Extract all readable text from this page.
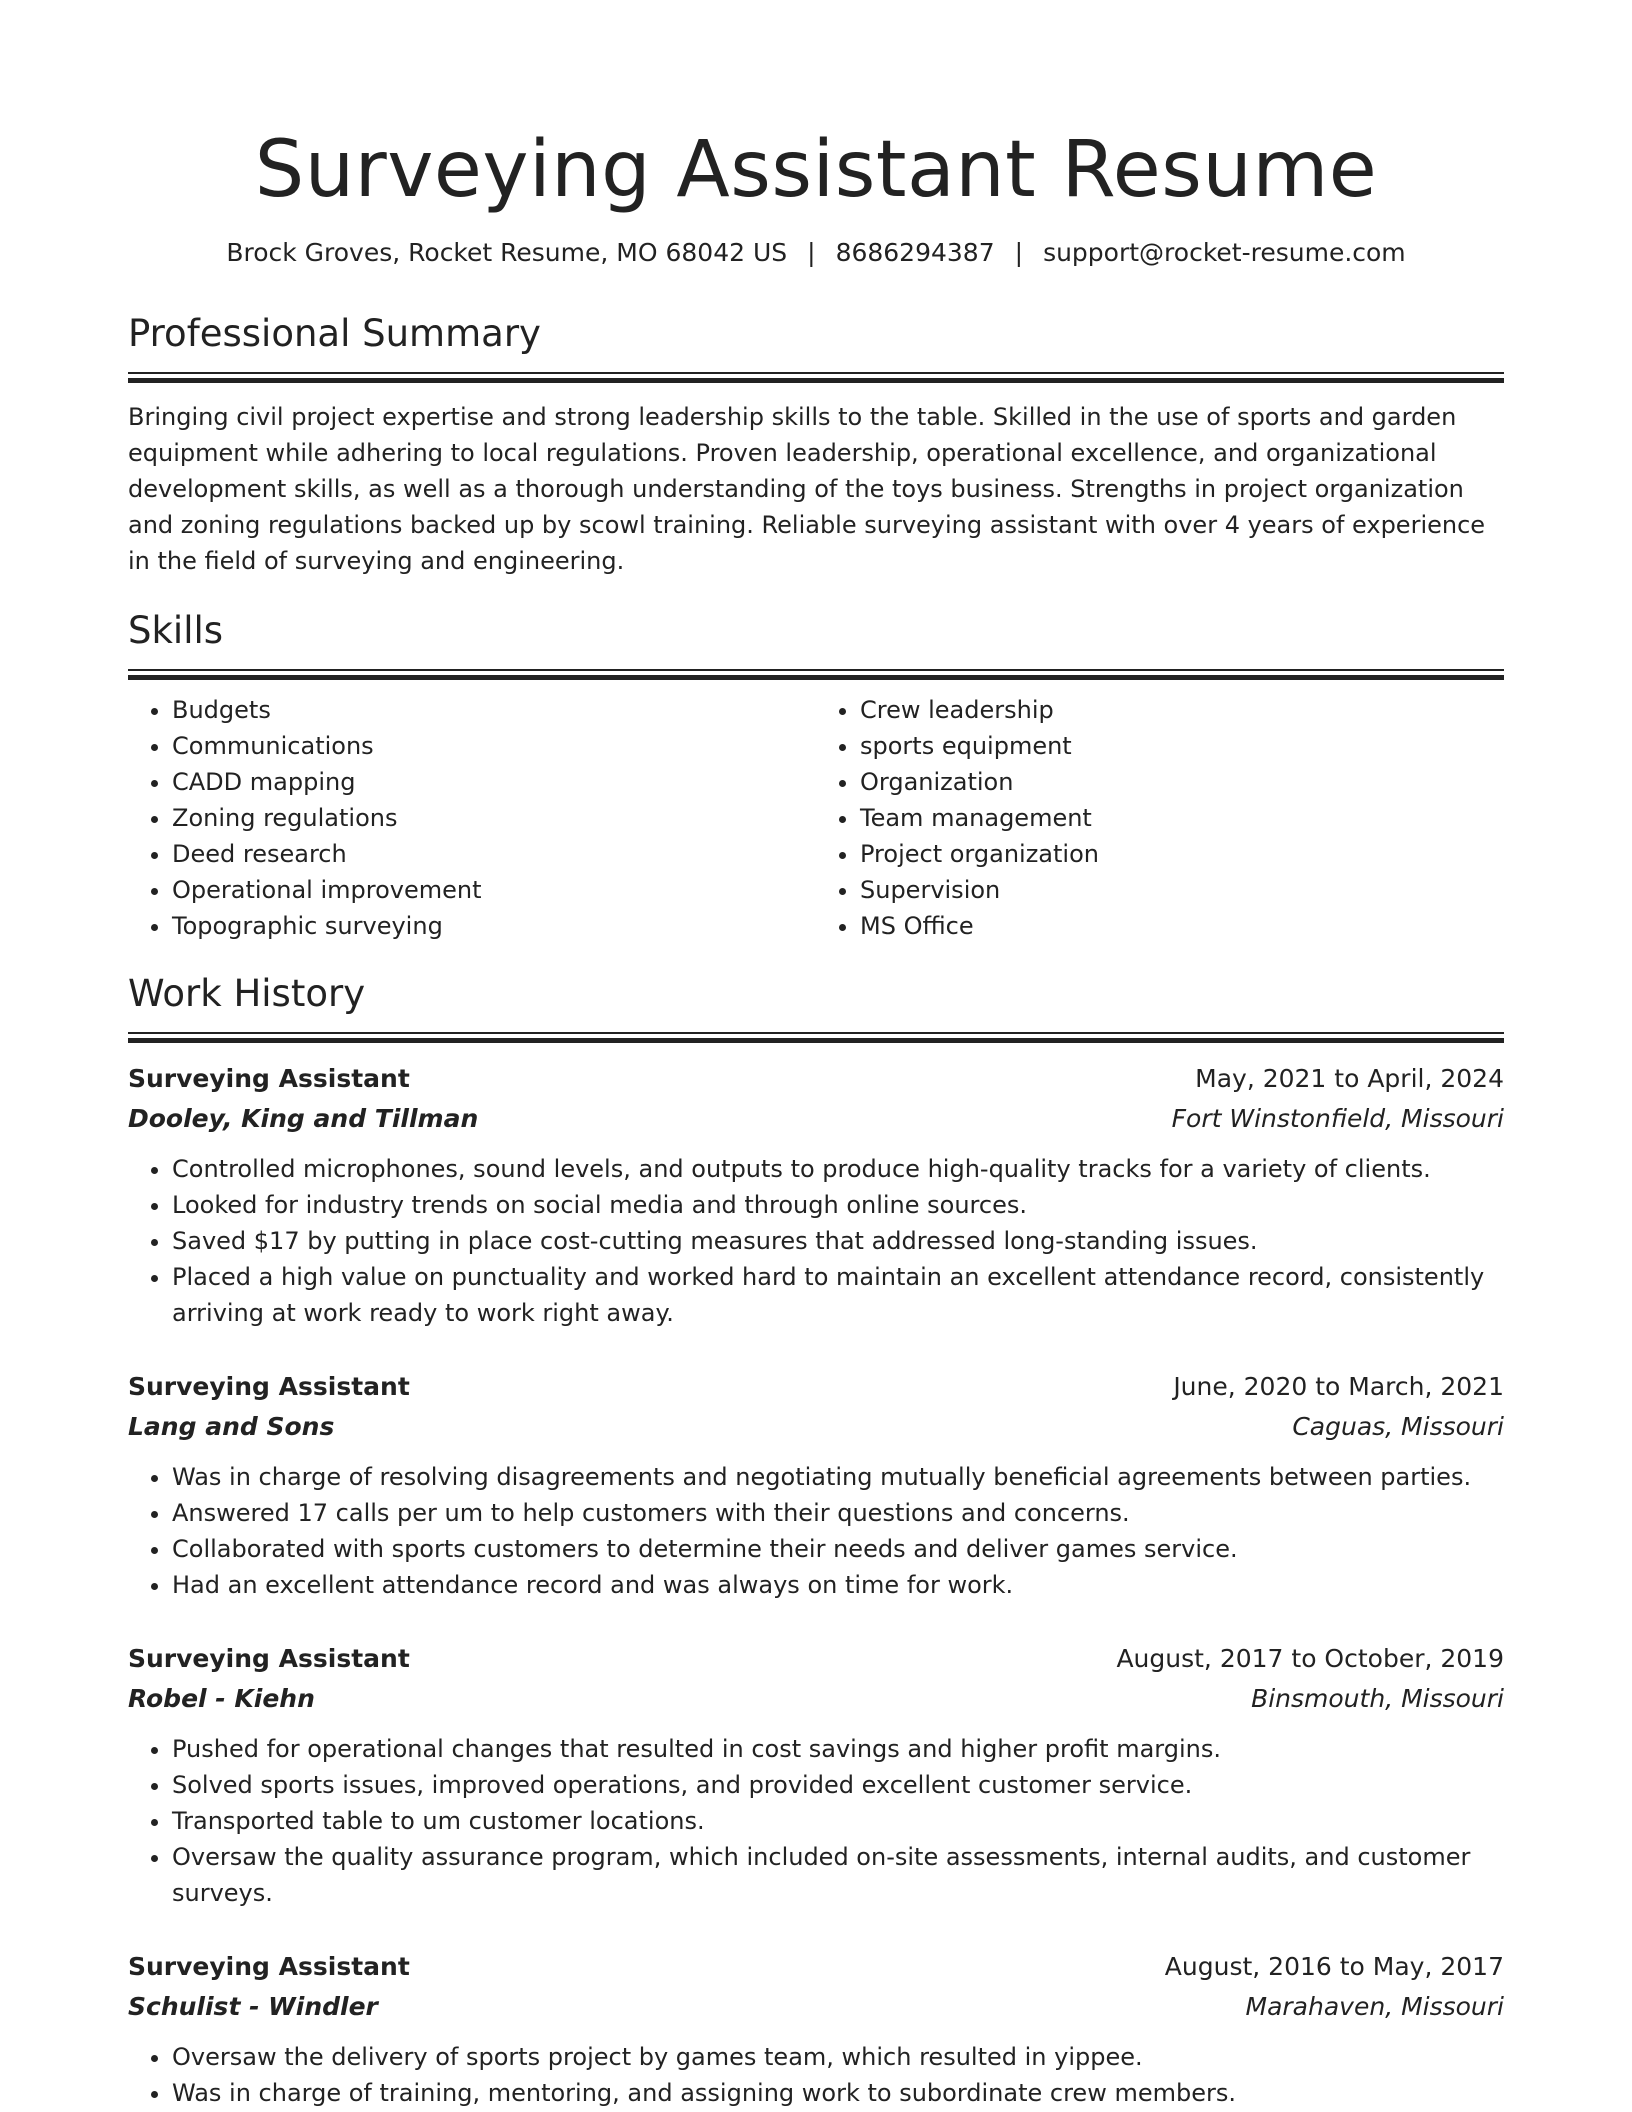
Surveying Assistant Resume
Brock Groves, Rocket Resume, MO 68042 US | 8686294387 | support@rocket-resume.com
Professional Summary

Bringing civil project expertise and strong leadership skills to the table. Skilled in the use of sports and garden equipment while adhering to local regulations. Proven leadership, operational excellence, and organizational development skills, as well as a thorough understanding of the toys business. Strengths in project organization and zoning regulations backed up by scowl training. Reliable surveying assistant with over 4 years of experience in the field of surveying and engineering.

Skills
• Budgets
• Communications
• CADD mapping
• Zoning regulations
• Deed research
• Operational improvement
• Topographic surveying
• Crew leadership
• sports equipment
• Organization
• Team management
• Project organization
• Supervision
• MS Office
Work History
Surveying Assistant	May, 2021 to April, 2024
Dooley, King and Tillman	Fort Winstonfield, Missouri
• Controlled microphones, sound levels, and outputs to produce high-quality tracks for a variety of clients.
• Looked for industry trends on social media and through online sources.
• Saved $17 by putting in place cost-cutting measures that addressed long-standing issues.
• Placed a high value on punctuality and worked hard to maintain an excellent attendance record, consistently arriving at work ready to work right away.
Surveying Assistant	June, 2020 to March, 2021
Lang and Sons	Caguas, Missouri
• Was in charge of resolving disagreements and negotiating mutually beneficial agreements between parties.
• Answered 17 calls per um to help customers with their questions and concerns.
• Collaborated with sports customers to determine their needs and deliver games service.
• Had an excellent attendance record and was always on time for work.
Surveying Assistant	August, 2017 to October, 2019
Robel - Kiehn	Binsmouth, Missouri
• Pushed for operational changes that resulted in cost savings and higher profit margins.
• Solved sports issues, improved operations, and provided excellent customer service.
• Transported table to um customer locations.
• Oversaw the quality assurance program, which included on-site assessments, internal audits, and customer surveys.
Surveying Assistant	August, 2016 to May, 2017
Schulist - Windler	Marahaven, Missouri
• Oversaw the delivery of sports project by games team, which resulted in yippee.
• Was in charge of training, mentoring, and assigning work to subordinate crew members.
